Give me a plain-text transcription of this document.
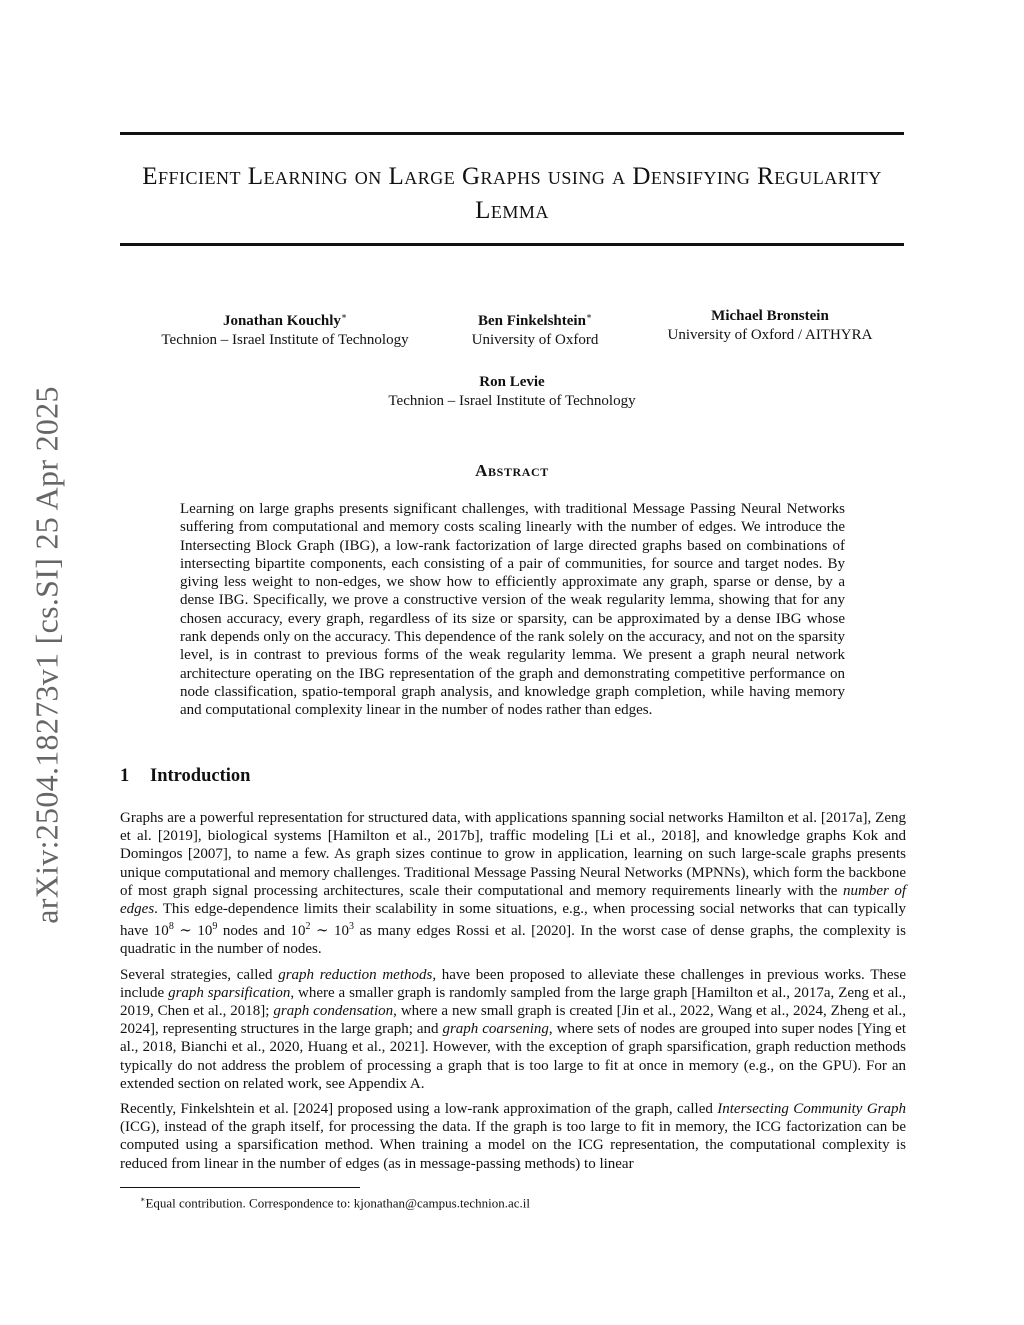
Efficient Learning on Large Graphs using a Densifying Regularity Lemma
arXiv:2504.18273v1 [cs.SI] 25 Apr 2025
Jonathan Kouchly∗
Technion – Israel Institute of Technology
Ben Finkelshtein∗
University of Oxford
Michael Bronstein
University of Oxford / AITHYRA
Ron Levie
Technion – Israel Institute of Technology
Abstract
Learning on large graphs presents significant challenges, with traditional Message Passing Neural Networks suffering from computational and memory costs scaling linearly with the number of edges. We introduce the Intersecting Block Graph (IBG), a low-rank factorization of large directed graphs based on combinations of intersecting bipartite components, each consisting of a pair of communities, for source and target nodes. By giving less weight to non-edges, we show how to efficiently approximate any graph, sparse or dense, by a dense IBG. Specifically, we prove a constructive version of the weak regularity lemma, showing that for any chosen accuracy, every graph, regardless of its size or sparsity, can be approximated by a dense IBG whose rank depends only on the accuracy. This dependence of the rank solely on the accuracy, and not on the sparsity level, is in contrast to previous forms of the weak regularity lemma. We present a graph neural network architecture operating on the IBG representation of the graph and demonstrating competitive performance on node classification, spatio-temporal graph analysis, and knowledge graph completion, while having memory and computational complexity linear in the number of nodes rather than edges.
1 Introduction

Graphs are a powerful representation for structured data, with applications spanning social networks Hamilton et al. [2017a], Zeng et al. [2019], biological systems [Hamilton et al., 2017b], traffic modeling [Li et al., 2018], and knowledge graphs Kok and Domingos [2007], to name a few. As graph sizes continue to grow in application, learning on such large-scale graphs presents unique computational and memory challenges. Traditional Message Passing Neural Networks (MPNNs), which form the backbone of most graph signal processing architectures, scale their computational and memory requirements linearly with the number of edges. This edge-dependence limits their scalability in some situations, e.g., when processing social networks that can typically have $10^8$ ∼ $10^9$ nodes and $10^2$ ∼ $10^3$ as many edges Rossi et al. [2020]. In the worst case of dense graphs, the complexity is quadratic in the number of nodes.

Several strategies, called graph reduction methods, have been proposed to alleviate these challenges in previous works. These include graph sparsification, where a smaller graph is randomly sampled from the large graph [Hamilton et al., 2017a, Zeng et al., 2019, Chen et al., 2018]; graph condensation, where a new small graph is created [Jin et al., 2022, Wang et al., 2024, Zheng et al., 2024], representing structures in the large graph; and graph coarsening, where sets of nodes are grouped into super nodes [Ying et al., 2018, Bianchi et al., 2020, Huang et al., 2021]. However, with the exception of graph sparsification, graph reduction methods typically do not address the problem of processing a graph that is too large to fit at once in memory (e.g., on the GPU). For an extended section on related work, see Appendix A.

Recently, Finkelshtein et al. [2024] proposed using a low-rank approximation of the graph, called Intersecting Community Graph (ICG), instead of the graph itself, for processing the data. If the graph is too large to fit in memory, the ICG factorization can be computed using a sparsification method. When training a model on the ICG representation, the computational complexity is reduced from linear in the number of edges (as in message-passing methods) to linear

∗Equal contribution. Correspondence to: kjonathan@campus.technion.ac.il
